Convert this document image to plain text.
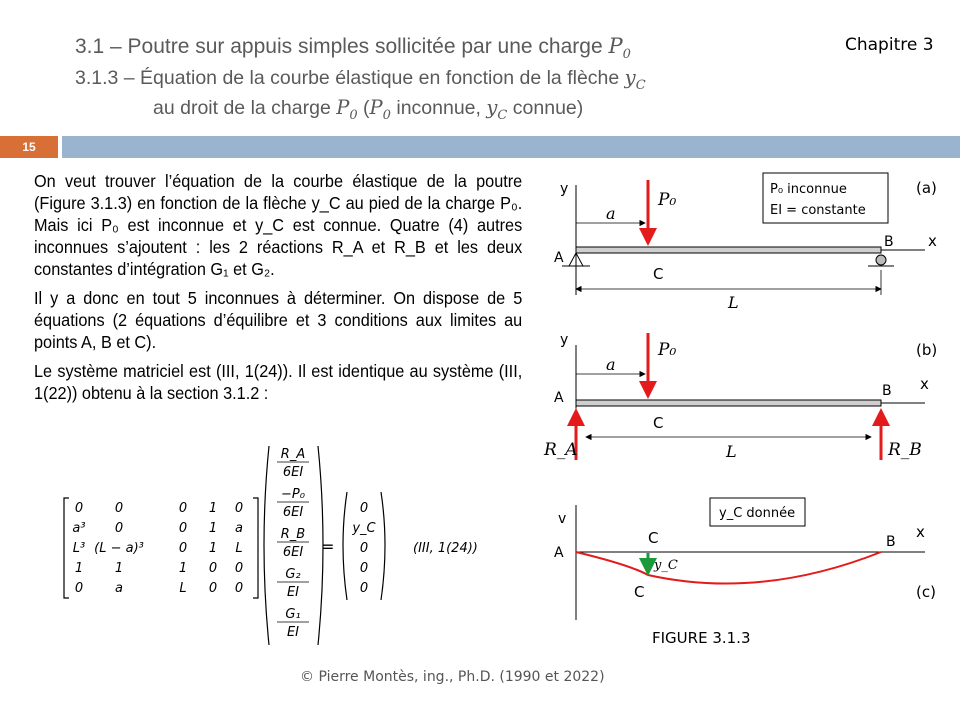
3.1 – Poutre sur appuis simples sollicitée par une charge $P_0$
3.1.3 – Équation de la courbe élastique en fonction de la flèche $y_C$
au droit de la charge $P_0$ ($P_0$ inconnue, $y_C$ connue)
Chapitre 3
15

On veut trouver l’équation de la courbe élastique de la poutre (Figure 3.1.3) en fonction de la flèche y_C au pied de la charge P₀. Mais ici P₀ est inconnue et y_C est connue. Quatre (4) autres inconnues s’ajoutent : les 2 réactions R_A et R_B et les deux constantes d’intégration G₁ et G₂.

Il y a donc en tout 5 inconnues à déterminer. On dispose de 5 équations (2 équations d’équilibre et 3 conditions aux limites au points A, B et C).

Le système matriciel est (III, 1(24)). Il est identique au système (III, 1(22)) obtenu à la section 3.1.2 :

0 0	0 1 0
a³ 0	0 1 a
L³ (L − a)³	0 1 L
1 1	1 0 0
0 a	L 0 0
R_A
6EI
−P₀
6EI
R_B
6EI
G₂
EI
G₁
EI
=
0
y_C
0
0
0
(III, 1(24))
P₀ inconnue
EI = constante
y
x
A
B
C
(a)
P₀
a
L
y
x
A	B
C
(b)
P₀
a
L
R_A	R_B
y_C donnée
v
x
A
B
C
C
y_C
(c)
FIGURE 3.1.3
© Pierre Montès, ing., Ph.D. (1990 et 2022)
